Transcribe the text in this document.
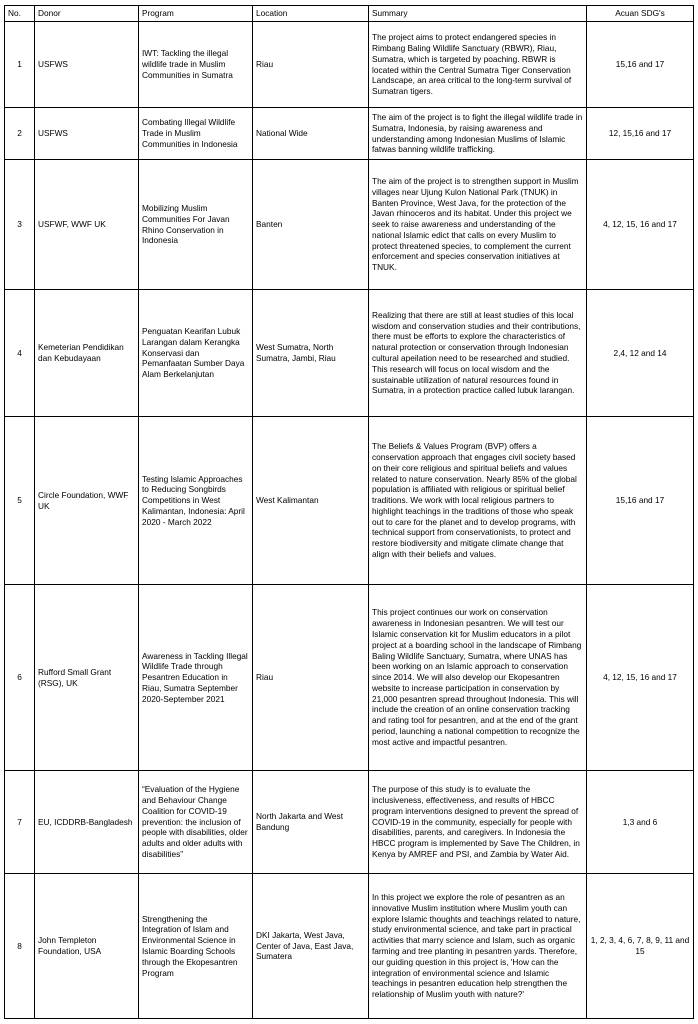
No.	Donor	Program	Location	Summary	Acuan SDG's
1	USFWS	IWT: Tackling the illegal wildlife trade in Muslim Communities in Sumatra	Riau	The project aims to protect endangered species in Rimbang Baling Wildlife Sanctuary (RBWR), Riau, Sumatra, which is targeted by poaching. RBWR is located within the Central Sumatra Tiger Conservation Landscape, an area critical to the long-term survival of Sumatran tigers.	15,16 and 17
2	USFWS	Combating Illegal Wildlife Trade in Muslim Communities in Indonesia	National Wide	The aim of the project is to fight the illegal wildlife trade in Sumatra, Indonesia, by raising awareness and understanding among Indonesian Muslims of Islamic fatwas banning wildlife trafficking.	12, 15,16 and 17
3	USFWF, WWF UK	Mobilizing Muslim Communities For Javan Rhino Conservation in Indonesia	Banten	The aim of the project is to strengthen support in Muslim villages near Ujung Kulon National Park (TNUK) in Banten Province, West Java, for the protection of the Javan rhinoceros and its habitat. Under this project we seek to raise awareness and understanding of the national Islamic edict that calls on every Muslim to protect threatened species, to complement the current enforcement and species conservation initiatives at TNUK.	4, 12, 15, 16 and 17
4	Kemeterian Pendidikan dan Kebudayaan	Penguatan Kearifan Lubuk Larangan dalam Kerangka Konservasi dan Pemanfaatan Sumber Daya Alam Berkelanjutan	West Sumatra, North Sumatra, Jambi, Riau	Realizing that there are still at least studies of this local wisdom and conservation studies and their contributions, there must be efforts to explore the characteristics of natural protection or conservation through Indonesian cultural apeilation need to be researched and studied. This research will focus on local wisdom and the sustainable utilization of natural resources found in Sumatra, in a protection practice called lubuk larangan.	2,4, 12 and 14
5	Circle Foundation, WWF UK	Testing Islamic Approaches to Reducing Songbirds Competitions in West Kalimantan, Indonesia: April 2020 - March 2022	West Kalimantan	The Beliefs & Values Program (BVP) offers a conservation approach that engages civil society based on their core religious and spiritual beliefs and values related to nature conservation. Nearly 85% of the global population is affiliated with religious or spiritual belief traditions. We work with local religious partners to highlight teachings in the traditions of those who speak out to care for the planet and to develop programs, with technical support from conservationists, to protect and restore biodiversity and mitigate climate change that align with their beliefs and values.	15,16 and 17
6	Rufford Small Grant (RSG), UK	Awareness in Tackling Illegal Wildlife Trade through Pesantren Education in Riau, Sumatra September 2020-September 2021	Riau	This project continues our work on conservation awareness in Indonesian pesantren. We will test our Islamic conservation kit for Muslim educators in a pilot project at a boarding school in the landscape of Rimbang Baling Wildlife Sanctuary, Sumatra, where UNAS has been working on an Islamic approach to conservation since 2014. We will also develop our Ekopesantren website to increase participation in conservation by 21,000 pesantren spread throughout Indonesia. This will include the creation of an online conservation tracking and rating tool for pesantren, and at the end of the grant period, launching a national competition to recognize the most active and impactful pesantren.	4, 12, 15, 16 and 17
7	EU, ICDDRB-Bangladesh	“Evaluation of the Hygiene and Behaviour Change Coalition for COVID-19 prevention: the inclusion of people with disabilities, older adults and older adults with disabilities”	North Jakarta and West Bandung	The purpose of this study is to evaluate the inclusiveness, effectiveness, and results of HBCC program interventions designed to prevent the spread of COVID-19 in the community, especially for people with disabilities, parents, and caregivers. In Indonesia the HBCC program is implemented by Save The Children, in Kenya by AMREF and PSI, and Zambia by Water Aid.	1,3 and 6
8	John Templeton Foundation, USA	Strengthening the Integration of Islam and Environmental Science in Islamic Boarding Schools through the Ekopesantren Program	DKI Jakarta, West Java, Center of Java, East Java, Sumatera	In this project we explore the role of pesantren as an innovative Muslim institution where Muslim youth can explore Islamic thoughts and teachings related to nature, study environmental science, and take part in practical activities that marry science and Islam, such as organic farming and tree planting in pesantren yards. Therefore, our guiding question in this project is, 'How can the integration of environmental science and Islamic teachings in pesantren education help strengthen the relationship of Muslim youth with nature?'	1, 2, 3, 4, 6, 7, 8, 9, 11 and 15
